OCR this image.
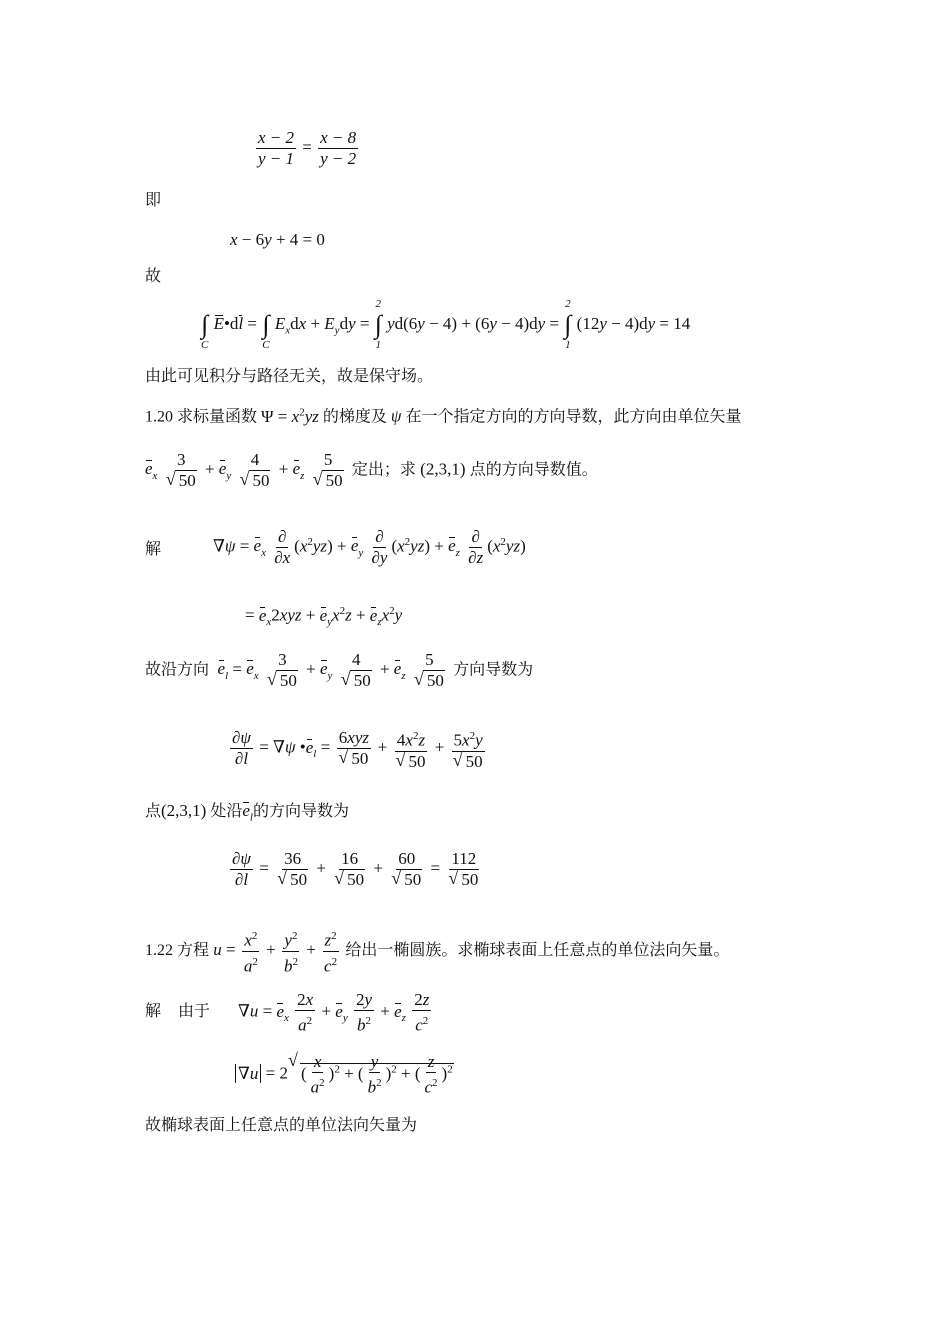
$\frac{x - 2}{y - 1} = \frac{x - 8}{y - 2}$
即
x − 6y + 4 = 0
故

∫
C
E•dl =
∫
C
$E_xdx + E_ydy$ =
2
∫
1
yd(6y − 4) + (6y − 4)dy =
2
∫
1
(12y − 4)dy = 14
由此可见积分与路径无关，故是保守场。
1.20 求标量函数 $\Psi = x^2yz$ 的梯度及 ψ 在一个指定方向的方向导数，此方向由单位矢量
$e_x$ 3
√ $50 + e_y$ 4
√ $50 + e_z$ 5
√ 50 定出；求 (2,3,1) 点的方向导数值。
解	$\nabla\psi = e_x \frac{\partial}{\partial x} (x^2yz) + e_y \frac{\partial}{\partial y} (x^2yz) + e_z \frac{\partial}{\partial z} (x^2yz)$
= $e_x2xyz + e_yx^2z + e_zx^2y$
故沿方向 $e_l = e_x$ 3
√ $50 + e_y$ 4
√ $50 + e_z$ 5
√ 50 方向导数为
$\frac{\partial\psi}{\partial l} = \nabla\psi$ $•e_l = 6xyz$
√ $50 + 4x^2z$
√ $50 + 5x^2y$
√ 50
点(2,3,1) 处沿$e_l$的方向导数为
$\frac{\partial\psi}{\partial l} = 36$
√ 50 + 16
√ 50 + 60
√ 50 = 112
√ 50
1.22 方程 $u = \frac{x^2}{a^2} + \frac{y^2}{b^2} + \frac{z^2}{c^2}$ 给出一椭圆族。求椭球表面上任意点的单位法向矢量。
解 由于 $\nabla u = e_x \frac{2x}{a^2} + e_y \frac{2y}{b^2} + e_z \frac{2z}{c^2}$
∇u = 2√ ( $\frac{x}{a^2} )^2$ + ( $\frac{y}{b^2} )^2$ + ( $\frac{z}{c^2} )^2$
故椭球表面上任意点的单位法向矢量为
